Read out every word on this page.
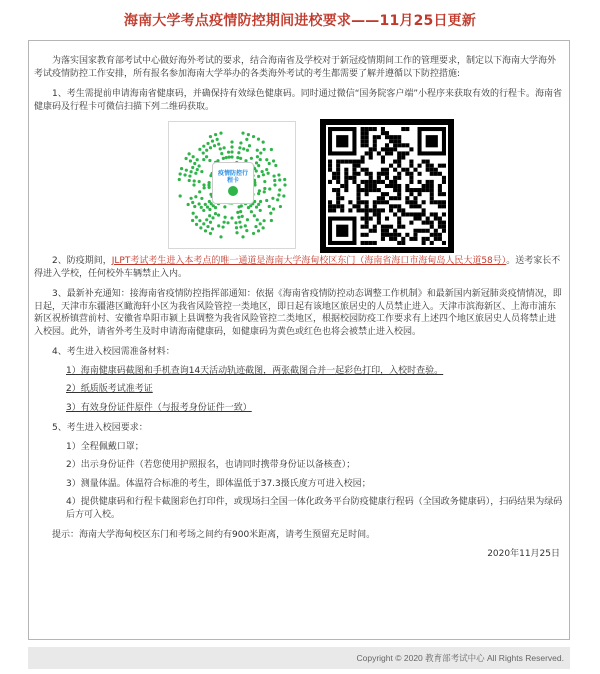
海南大学考点疫情防控期间进校要求——11月25日更新

为落实国家教育部考试中心做好海外考试的要求，结合海南省及学校对于新冠疫情期间工作的管理要求，制定以下海南大学海外考试疫情防控工作安排，所有报名参加海南大学举办的各类海外考试的考生都需要了解并遵循以下防控措施:

1、考生需提前申请海南省健康码，并确保持有效绿色健康码。同时通过微信“国务院客户端”小程序来获取有效的行程卡。海南省健康码及行程卡可微信扫描下列二维码获取。

疫情防控行程卡

2、防疫期间，JLPT考试考生进入本考点的唯一通道是海南大学海甸校区东门（海南省海口市海甸岛人民大道58号）。送考家长不得进入学校，任何校外车辆禁止入内。

3、最新补充通知：接海南省疫情防控指挥部通知：依据《海南省疫情防控动态调整工作机制》和最新国内新冠肺炎疫情情况，即日起，天津市东疆港区瞰海轩小区为我省风险管控一类地区，即日起有该地区旅居史的人员禁止进入。天津市滨海新区、上海市浦东新区祝桥镇营前村、安徽省阜阳市颍上县调整为我省风险管控二类地区，根据校园防疫工作要求有上述四个地区旅居史人员将禁止进入校园。此外，请省外考生及时申请海南健康码，如健康码为黄色或红色也将会被禁止进入校园。

4、考生进入校园需准备材料：

1）海南健康码截图和手机查询14天活动轨迹截图，两张截图合并一起彩色打印，入校时查验。

2）纸质版考试准考证

3）有效身份证件原件（与报考身份证件一致）

5、考生进入校园要求：

1）全程佩戴口罩；

2）出示身份证件（若您使用护照报名，也请同时携带身份证以备核查）；

3）测量体温。体温符合标准的考生，即体温低于37.3摄氏度方可进入校园；

4）提供健康码和行程卡截图彩色打印件，或现场扫全国一体化政务平台防疫健康行程码（全国政务健康码），扫码结果为绿码后方可入校。

提示：海南大学海甸校区东门和考场之间约有900米距离，请考生预留充足时间。

2020年11月25日

Copyright © 2020 教育部考试中心 All Rights Reserved.
